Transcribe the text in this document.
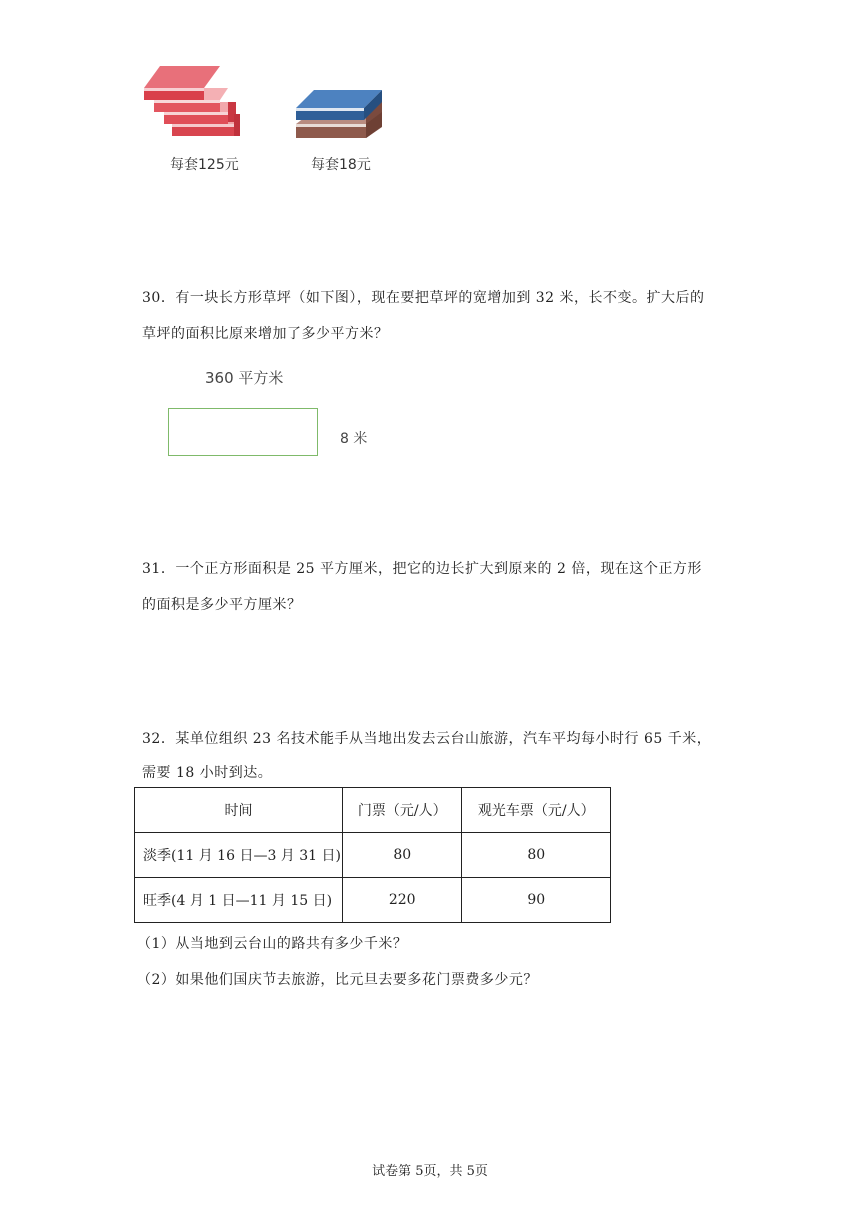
每套125元	每套18元
30．有一块长方形草坪（如下图），现在要把草坪的宽增加到 32 米，长不变。扩大后的
草坪的面积比原来增加了多少平方米？
360 平方米
8 米
31．一个正方形面积是 25 平方厘米，把它的边长扩大到原来的 2 倍，现在这个正方形
的面积是多少平方厘米？
32．某单位组织 23 名技术能手从当地出发去云台山旅游，汽车平均每小时行 65 千米，
需要 18 小时到达。
时间	门票（元/人）	观光车票（元/人）
淡季(11 月 16 日—3 月 31 日)	80	80
旺季(4 月 1 日—11 月 15 日)	220	90
（1）从当地到云台山的路共有多少千米？
（2）如果他们国庆节去旅游，比元旦去要多花门票费多少元？
试卷第 5页，共 5页
